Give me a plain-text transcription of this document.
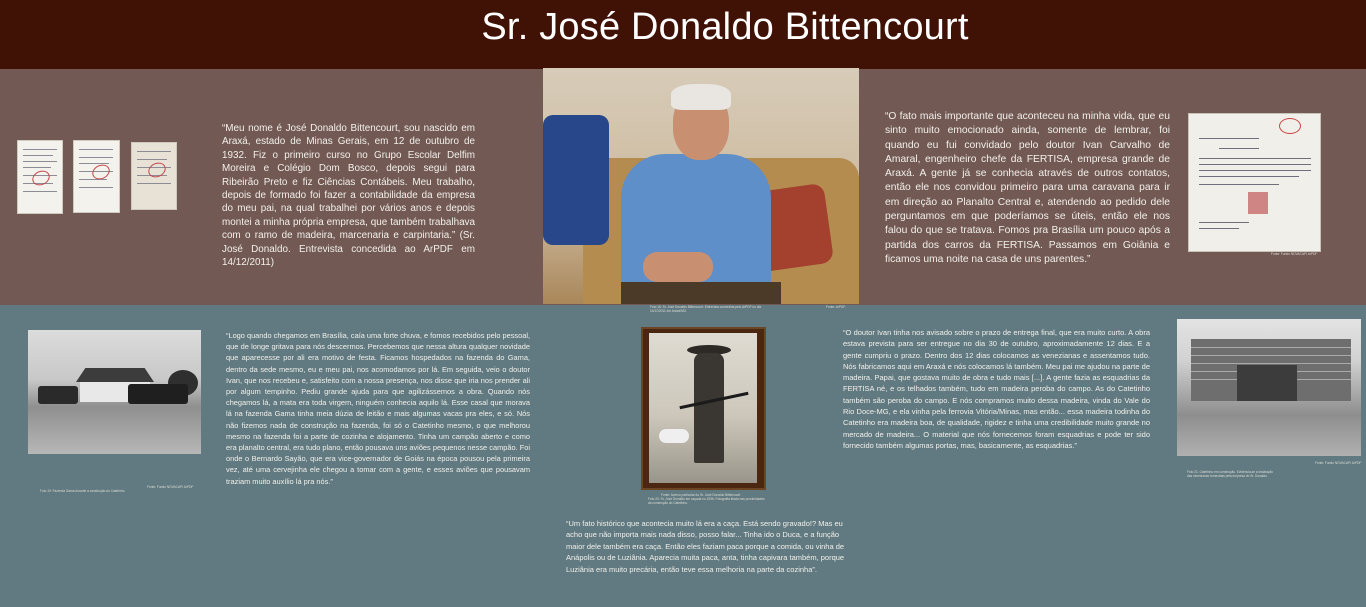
Sr. José Donaldo Bittencourt

“Meu nome é José Donaldo Bittencourt, sou nascido em Araxá, estado de Minas Gerais, em 12 de outubro de 1932. Fiz o primeiro curso no Grupo Escolar Delfim Moreira e Colégio Dom Bosco, depois segui para Ribeirão Preto e fiz Ciências Contábeis. Meu trabalho, depois de formado foi fazer a contabilidade da empresa do meu pai, na qual trabalhei por vários anos e depois montei a minha própria empresa, que também trabalhava com o ramo de madeira, marcenaria e carpintaria.” (Sr. José Donaldo. Entrevista concedida ao ArPDF em 14/12/2011)

Foto 18: Sr. José Donaldo Bittencourt. Entrevista concedida pelo ArPDF no dia 14/12/2011 em Araxá/MG.
Fonte: ArPDF

“O fato mais importante que aconteceu na minha vida, que eu sinto muito emocionado ainda, somente de lembrar, foi quando eu fui convidado pelo doutor Ivan Carvalho de Amaral, engenheiro chefe da FERTISA, empresa grande de Araxá. A gente já se conhecia através de outros contatos, então ele nos convidou primeiro para uma caravana para ir em direção ao Planalto Central e, atendendo ao pedido dele perguntamos em que poderíamos se úteis, então ele nos falou do que se tratava. Fomos pra Brasília um pouco após a partida dos carros da FERTISA. Passamos em Goiânia e ficamos uma noite na casa de uns parentes.”	Fonte: Fundo NOVACAP/ ArPDF
Foto 19: Fazenda Gama durante a construção do Catetinho.
Fonte: Fundo NOVACAP/ ArPDF

“Logo quando chegamos em Brasília, caía uma forte chuva, e fomos recebidos pelo pessoal, que de longe gritava para nós descermos. Percebemos que nessa altura qualquer novidade que aparecesse por ali era motivo de festa. Ficamos hospedados na fazenda do Gama, dentro da sede mesmo, eu e meu pai, nos acomodamos por lá. Em seguida, veio o doutor Ivan, que nos recebeu e, satisfeito com a nossa presença, nos disse que iria nos prender ali por algum tempinho. Pediu grande ajuda para que agilizássemos a obra. Quando nós chegamos lá, a mata era toda virgem, ninguém conhecia aquilo lá. Esse casal que morava lá na fazenda Gama tinha meia dúzia de leitão e mais algumas vacas pra eles, e só. Nós não fizemos nada de construção na fazenda, foi só o Catetinho mesmo, o que melhorou mesmo na fazenda foi a parte de cozinha e alojamento. Tinha um campão aberto e como era planalto central, era tudo plano, então pousava uns aviões pequenos nesse campão. Foi onde o Bernardo Sayão, que era vice-governador de Goiás na época pousou pela primeira vez, até uma cervejinha ele chegou a tomar com a gente, e esses aviões que pousavam traziam muito auxílio lá pra nós.”

Fonte: Acervo particular do Sr. José Donaldo Bittencourt
Foto 20: Sr. José Donaldo em caçada no 1956. Fotografia tirada nas proximidades da construção do Catetinho.

“Um fato histórico que acontecia muito lá era a caça. Está sendo gravado!? Mas eu acho que não importa mais nada disso, posso falar... Tinha ido o Duca, e a função maior dele também era caça. Então eles faziam paca porque a comida, ou vinha de Anápolis ou de Luziânia. Aparecia muita paca, anta, tinha capivara também, porque Luziânia era muito precária, então teve essa melhoria na parte da cozinha”.

“O doutor Ivan tinha nos avisado sobre o prazo de entrega final, que era muito curto. A obra estava prevista para ser entregue no dia 30 de outubro, aproximadamente 12 dias. E a gente cumpriu o prazo. Dentro dos 12 dias colocamos as venezianas e assentamos tudo. Nós fabricamos aqui em Araxá e nós colocamos lá também. Meu pai me ajudou na parte de madeira. Papai, que gostava muito de obra e tudo mais [...]. A gente fazia as esquadrias da FERTISA né, e os telhados também, tudo em madeira peroba do campo. As do Catetinho também são peroba do campo. E nós compramos muito dessa madeira, vinda do Vale do Rio Doce-MG, e ela vinha pela ferrovia Vitória/Minas, mas então... essa madeira todinha do Catetinho era madeira boa, de qualidade, rigidez e tinha uma credibilidade muito grande no mercado de madeira... O material que nós fornecemos foram esquadrias e pode ter sido fornecido também algumas portas, mas, basicamente, as esquadrias.”

Fonte: Fundo NOVACAP/ ArPDF
Foto 21: Catetinho em construção. Evidencia-se a instalação das venezianas fornecidas pela empresa do Sr. Donaldo.
